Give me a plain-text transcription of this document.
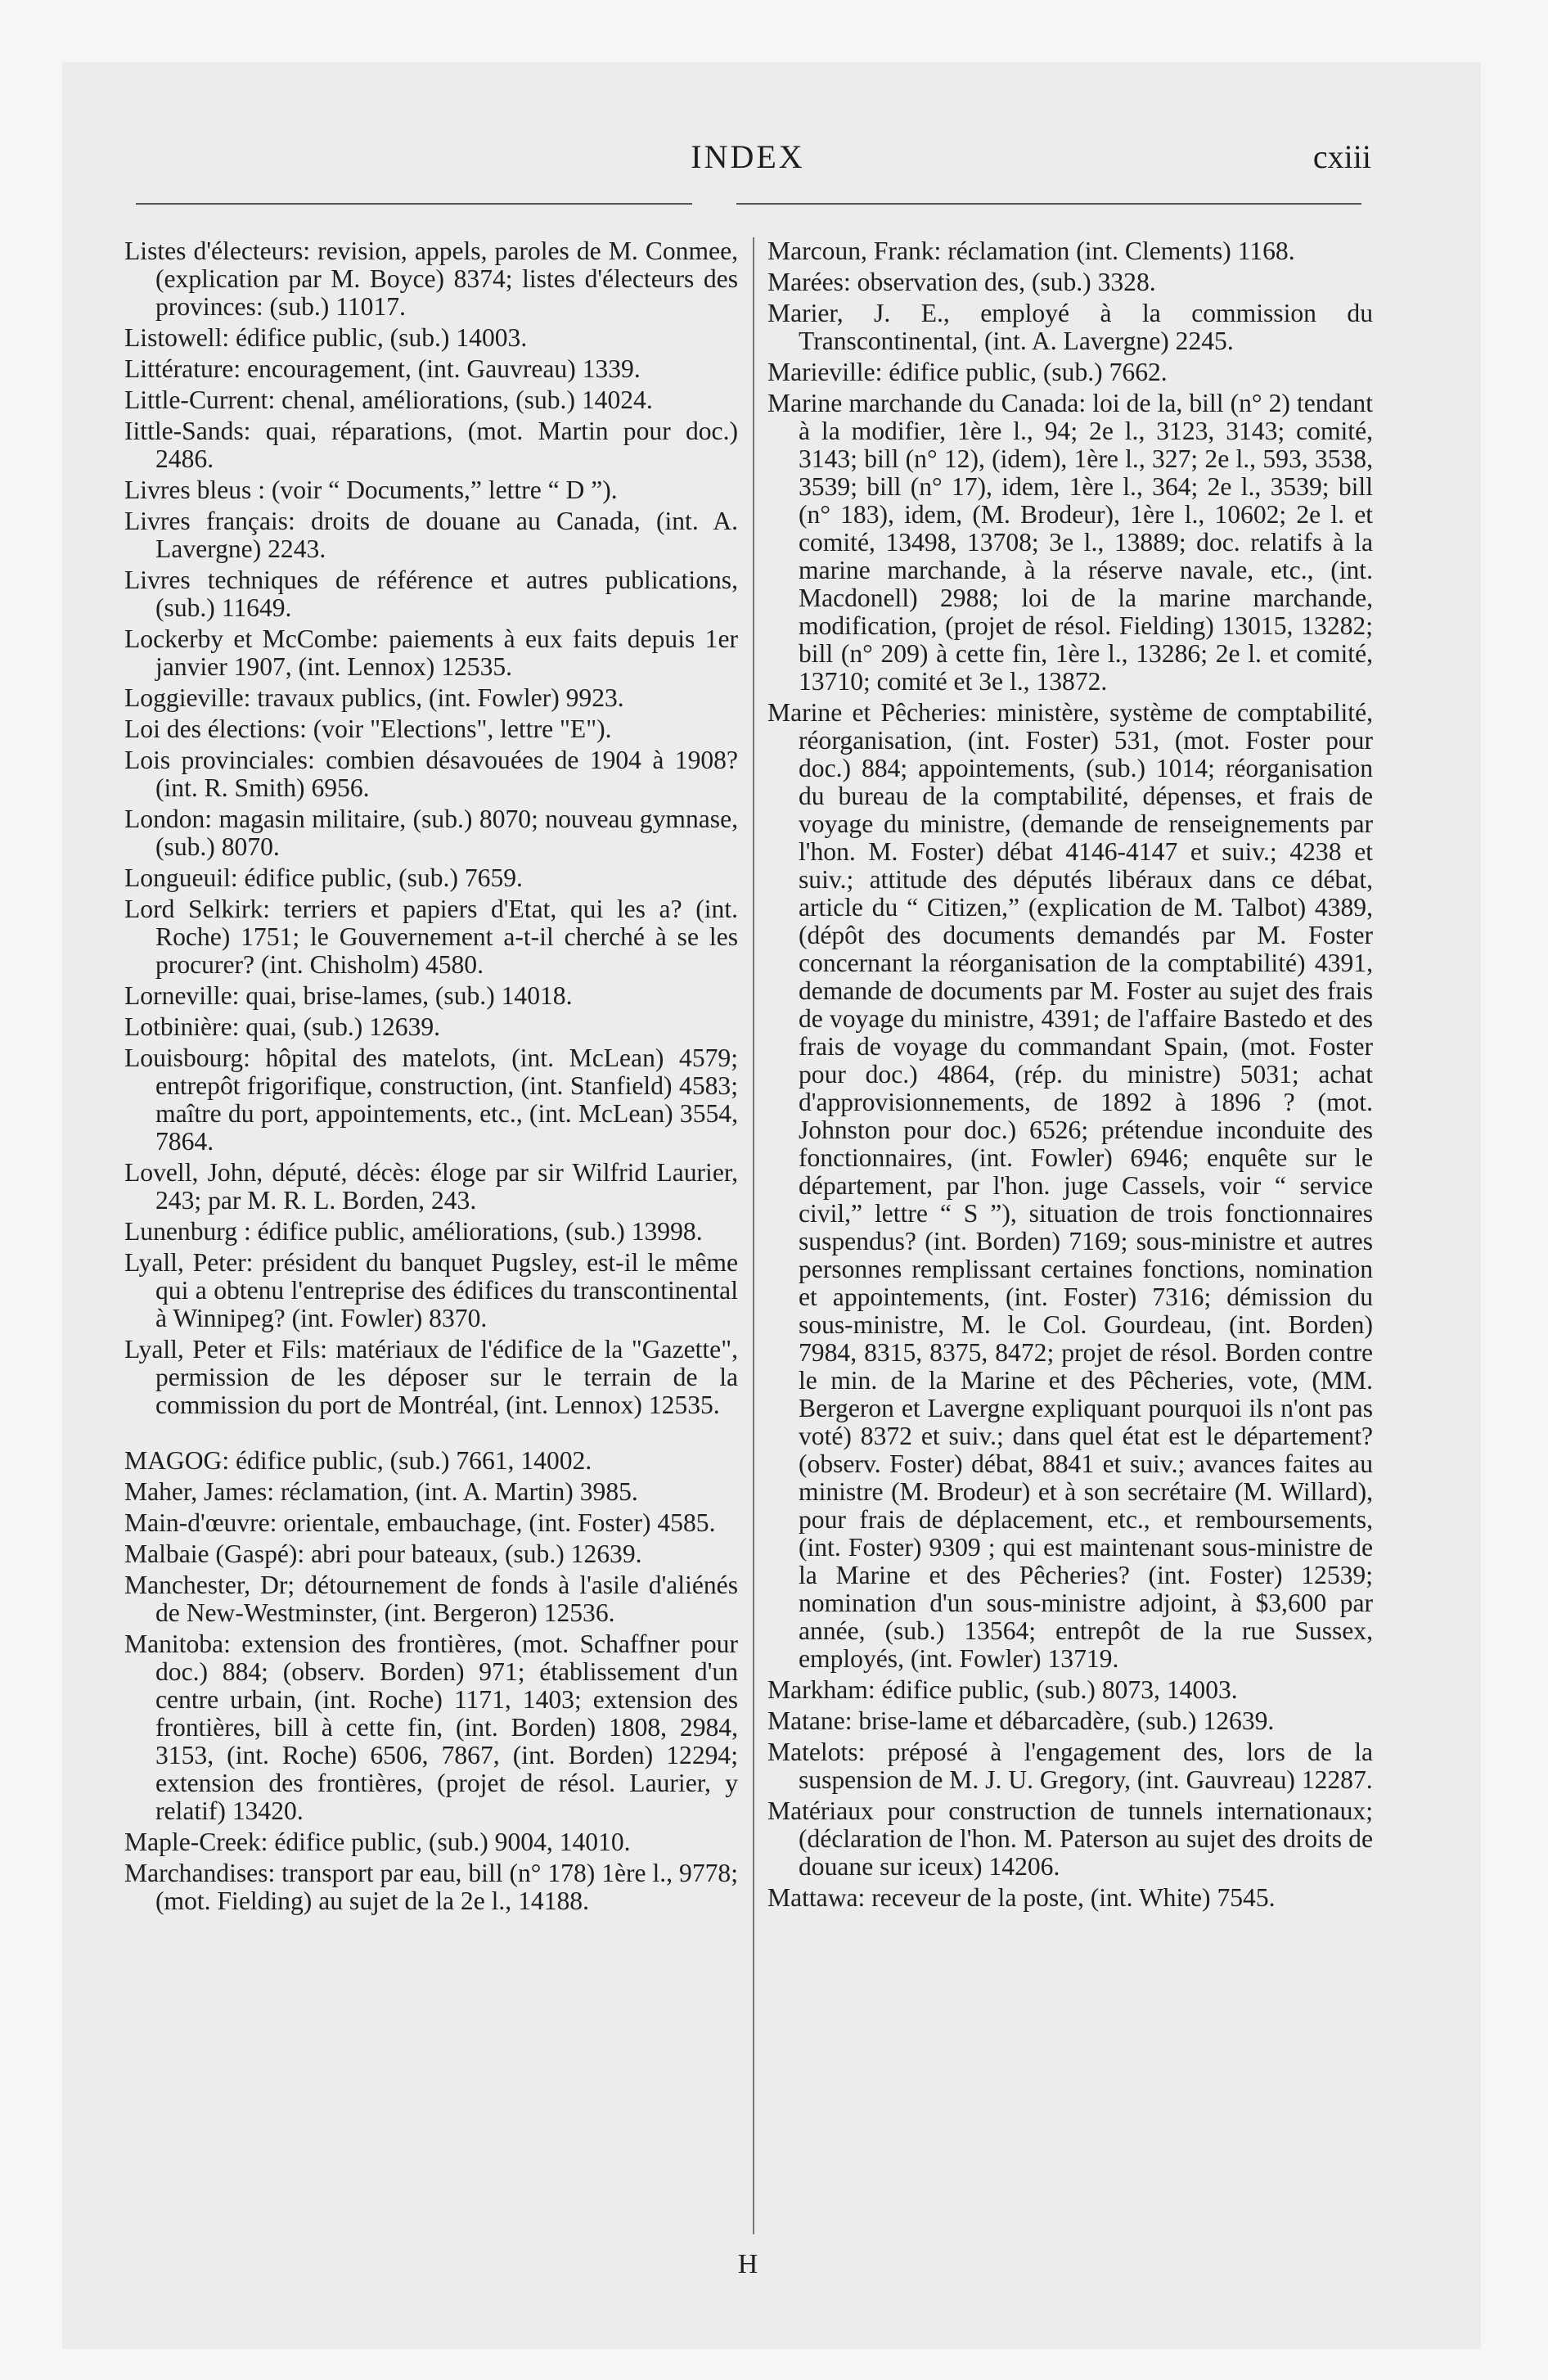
INDEX	cxiii

Listes d'électeurs: revision, appels, paroles de M. Conmee, (explication par M. Boyce) 8374; listes d'électeurs des provinces: (sub.) 11017.

Listowell: édifice public, (sub.) 14003.

Littérature: encouragement, (int. Gauvreau) 1339.

Little-Current: chenal, améliorations, (sub.) 14024.

Iittle-Sands: quai, réparations, (mot. Martin pour doc.) 2486.

Livres bleus : (voir “ Documents,” lettre “ D ”).

Livres français: droits de douane au Canada, (int. A. Lavergne) 2243.

Livres techniques de référence et autres publications, (sub.) 11649.

Lockerby et McCombe: paiements à eux faits depuis 1er janvier 1907, (int. Lennox) 12535.

Loggieville: travaux publics, (int. Fowler) 9923.

Loi des élections: (voir "Elections", lettre "E").

Lois provinciales: combien désavouées de 1904 à 1908? (int. R. Smith) 6956.

London: magasin militaire, (sub.) 8070; nouveau gymnase, (sub.) 8070.

Longueuil: édifice public, (sub.) 7659.

Lord Selkirk: terriers et papiers d'Etat, qui les a? (int. Roche) 1751; le Gouvernement a-t-il cherché à se les procurer? (int. Chisholm) 4580.

Lorneville: quai, brise-lames, (sub.) 14018.

Lotbinière: quai, (sub.) 12639.

Louisbourg: hôpital des matelots, (int. McLean) 4579; entrepôt frigorifique, construction, (int. Stanfield) 4583; maître du port, appointements, etc., (int. McLean) 3554, 7864.

Lovell, John, député, décès: éloge par sir Wilfrid Laurier, 243; par M. R. L. Borden, 243.

Lunenburg : édifice public, améliorations, (sub.) 13998.

Lyall, Peter: président du banquet Pugsley, est-il le même qui a obtenu l'entreprise des édifices du transcontinental à Winnipeg? (int. Fowler) 8370.

Lyall, Peter et Fils: matériaux de l'édifice de la "Gazette", permission de les déposer sur le terrain de la commission du port de Montréal, (int. Lennox) 12535.

MAGOG: édifice public, (sub.) 7661, 14002.

Maher, James: réclamation, (int. A. Martin) 3985.

Main-d'œuvre: orientale, embauchage, (int. Foster) 4585.

Malbaie (Gaspé): abri pour bateaux, (sub.) 12639.

Manchester, Dr; détournement de fonds à l'asile d'aliénés de New-Westminster, (int. Bergeron) 12536.

Manitoba: extension des frontières, (mot. Schaffner pour doc.) 884; (observ. Borden) 971; établissement d'un centre urbain, (int. Roche) 1171, 1403; extension des frontières, bill à cette fin, (int. Borden) 1808, 2984, 3153, (int. Roche) 6506, 7867, (int. Borden) 12294; extension des frontières, (projet de résol. Laurier, y relatif) 13420.

Maple-Creek: édifice public, (sub.) 9004, 14010.

Marchandises: transport par eau, bill (n° 178) 1ère l., 9778; (mot. Fielding) au sujet de la 2e l., 14188.

Marcoun, Frank: réclamation (int. Clements) 1168.

Marées: observation des, (sub.) 3328.

Marier, J. E., employé à la commission du Transcontinental, (int. A. Lavergne) 2245.

Marieville: édifice public, (sub.) 7662.

Marine marchande du Canada: loi de la, bill (n° 2) tendant à la modifier, 1ère l., 94; 2e l., 3123, 3143; comité, 3143; bill (n° 12), (idem), 1ère l., 327; 2e l., 593, 3538, 3539; bill (n° 17), idem, 1ère l., 364; 2e l., 3539; bill (n° 183), idem, (M. Brodeur), 1ère l., 10602; 2e l. et comité, 13498, 13708; 3e l., 13889; doc. relatifs à la marine marchande, à la réserve navale, etc., (int. Macdonell) 2988; loi de la marine marchande, modification, (projet de résol. Fielding) 13015, 13282; bill (n° 209) à cette fin, 1ère l., 13286; 2e l. et comité, 13710; comité et 3e l., 13872.

Marine et Pêcheries: ministère, système de comptabilité, réorganisation, (int. Foster) 531, (mot. Foster pour doc.) 884; appointements, (sub.) 1014; réorganisation du bureau de la comptabilité, dépenses, et frais de voyage du ministre, (demande de renseignements par l'hon. M. Foster) débat 4146-4147 et suiv.; 4238 et suiv.; attitude des députés libéraux dans ce débat, article du “ Citizen,” (explication de M. Talbot) 4389, (dépôt des documents demandés par M. Foster concernant la réorganisation de la comptabilité) 4391, demande de documents par M. Foster au sujet des frais de voyage du ministre, 4391; de l'affaire Bastedo et des frais de voyage du commandant Spain, (mot. Foster pour doc.) 4864, (rép. du ministre) 5031; achat d'approvisionnements, de 1892 à 1896 ? (mot. Johnston pour doc.) 6526; prétendue inconduite des fonctionnaires, (int. Fowler) 6946; enquête sur le département, par l'hon. juge Cassels, voir “ service civil,” lettre “ S ”), situation de trois fonctionnaires suspendus? (int. Borden) 7169; sous-ministre et autres personnes remplissant certaines fonctions, nomination et appointements, (int. Foster) 7316; démission du sous-ministre, M. le Col. Gourdeau, (int. Borden) 7984, 8315, 8375, 8472; projet de résol. Borden contre le min. de la Marine et des Pêcheries, vote, (MM. Bergeron et Lavergne expliquant pourquoi ils n'ont pas voté) 8372 et suiv.; dans quel état est le département? (observ. Foster) débat, 8841 et suiv.; avances faites au ministre (M. Brodeur) et à son secrétaire (M. Willard), pour frais de déplacement, etc., et remboursements, (int. Foster) 9309 ; qui est maintenant sous-ministre de la Marine et des Pêcheries? (int. Foster) 12539; nomination d'un sous-ministre adjoint, à $3,600 par année, (sub.) 13564; entrepôt de la rue Sussex, employés, (int. Fowler) 13719.

Markham: édifice public, (sub.) 8073, 14003.

Matane: brise-lame et débarcadère, (sub.) 12639.

Matelots: préposé à l'engagement des, lors de la suspension de M. J. U. Gregory, (int. Gauvreau) 12287.

Matériaux pour construction de tunnels internationaux; (déclaration de l'hon. M. Paterson au sujet des droits de douane sur iceux) 14206.

Mattawa: receveur de la poste, (int. White) 7545.

H
